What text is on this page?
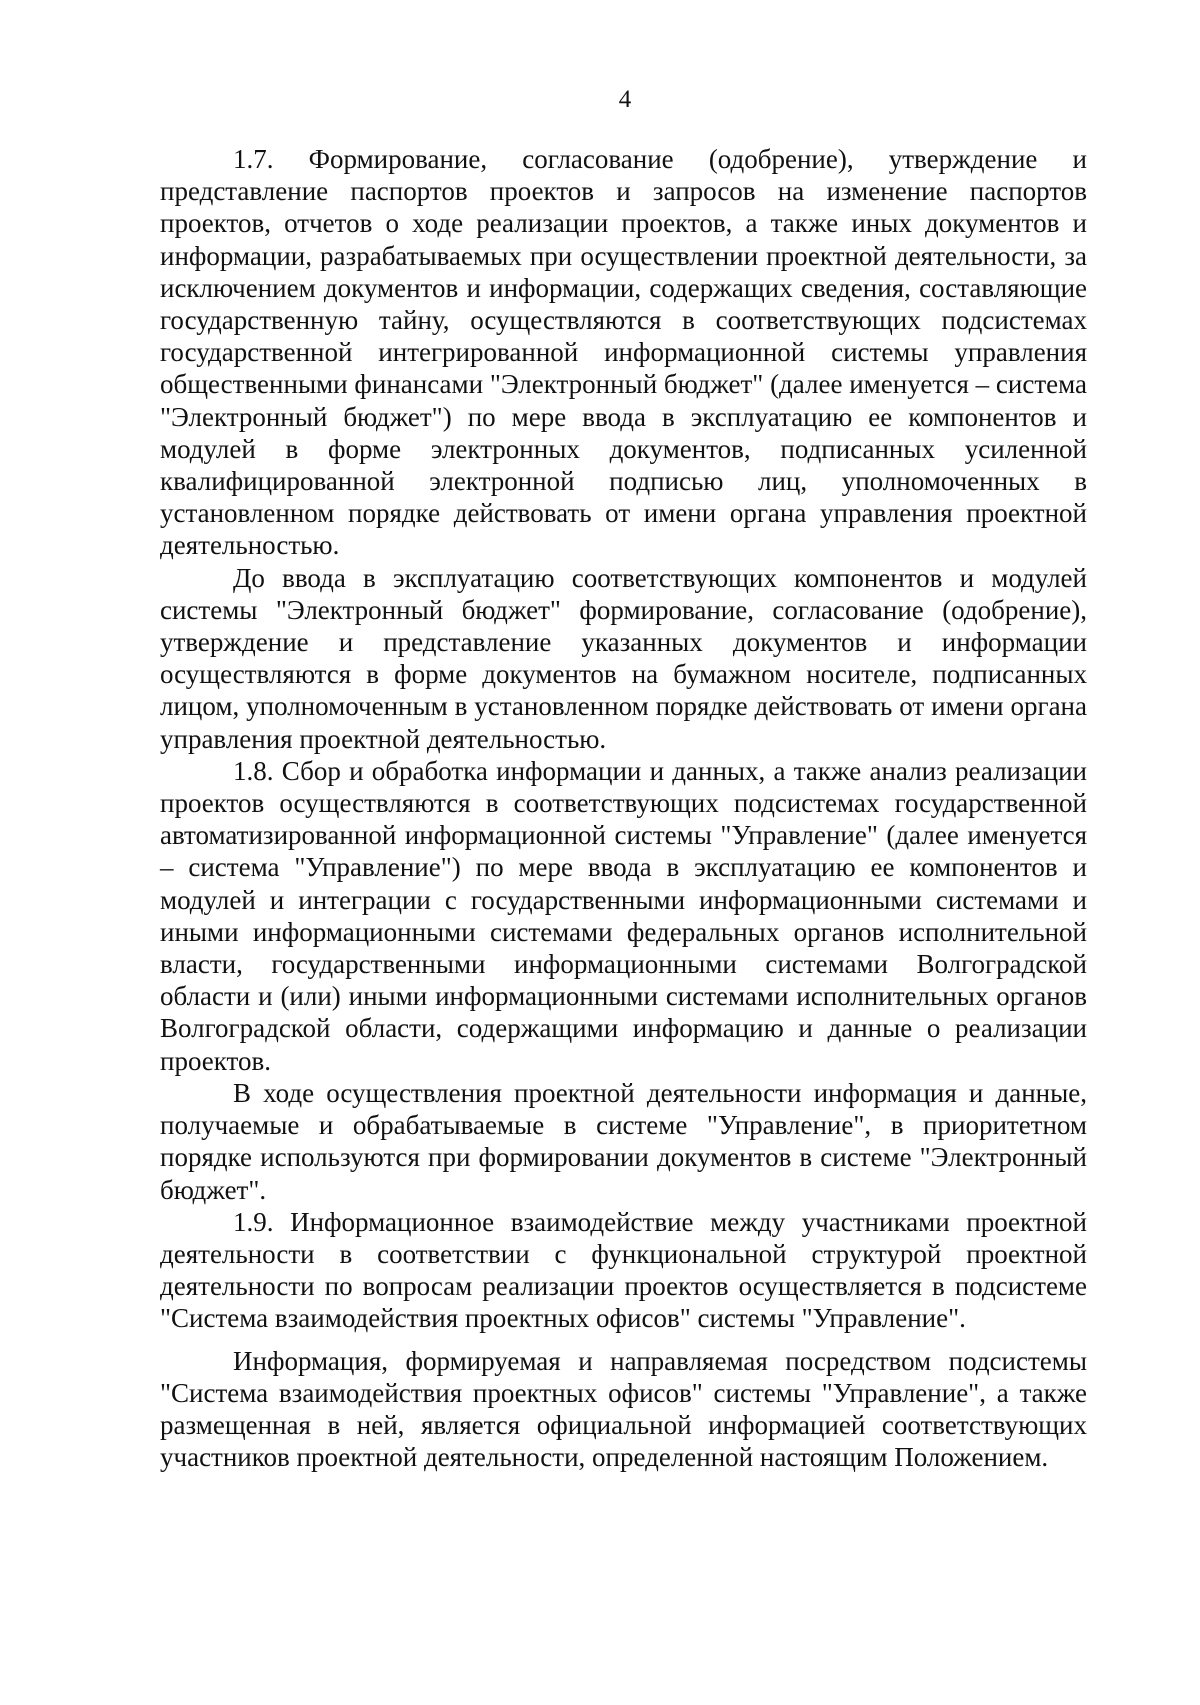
4

1.7. Формирование, согласование (одобрение), утверждение и представление паспортов проектов и запросов на изменение паспортов проектов, отчетов о ходе реализации проектов, а также иных документов и информации, разрабатываемых при осуществлении проектной деятельности, за исключением документов и информации, содержащих сведения, составляющие государственную тайну, осуществляются в соответствующих подсистемах государственной интегрированной информационной системы управления общественными финансами "Электронный бюджет" (далее именуется – система "Электронный бюджет") по мере ввода в эксплуатацию ее компонентов и модулей в форме электронных документов, подписанных усиленной квалифицированной электронной подписью лиц, уполномоченных в установленном порядке действовать от имени органа управления проектной деятельностью.

До ввода в эксплуатацию соответствующих компонентов и модулей системы "Электронный бюджет" формирование, согласование (одобрение), утверждение и представление указанных документов и информации осуществляются в форме документов на бумажном носителе, подписанных лицом, уполномоченным в установленном порядке действовать от имени органа управления проектной деятельностью.

1.8. Сбор и обработка информации и данных, а также анализ реализации проектов осуществляются в соответствующих подсистемах государственной автоматизированной информационной системы "Управление" (далее именуется – система "Управление") по мере ввода в эксплуатацию ее компонентов и модулей и интеграции с государственными информационными системами и иными информационными системами федеральных органов исполнительной власти, государственными информационными системами Волгоградской области и (или) иными информационными системами исполнительных органов Волгоградской области, содержащими информацию и данные о реализации проектов.

В ходе осуществления проектной деятельности информация и данные, получаемые и обрабатываемые в системе "Управление", в приоритетном порядке используются при формировании документов в системе "Электронный бюджет".

1.9. Информационное взаимодействие между участниками проектной деятельности в соответствии с функциональной структурой проектной деятельности по вопросам реализации проектов осуществляется в подсистеме "Система взаимодействия проектных офисов" системы "Управление".

Информация, формируемая и направляемая посредством подсистемы "Система взаимодействия проектных офисов" системы "Управление", а также размещенная в ней, является официальной информацией соответствующих участников проектной деятельности, определенной настоящим Положением.
